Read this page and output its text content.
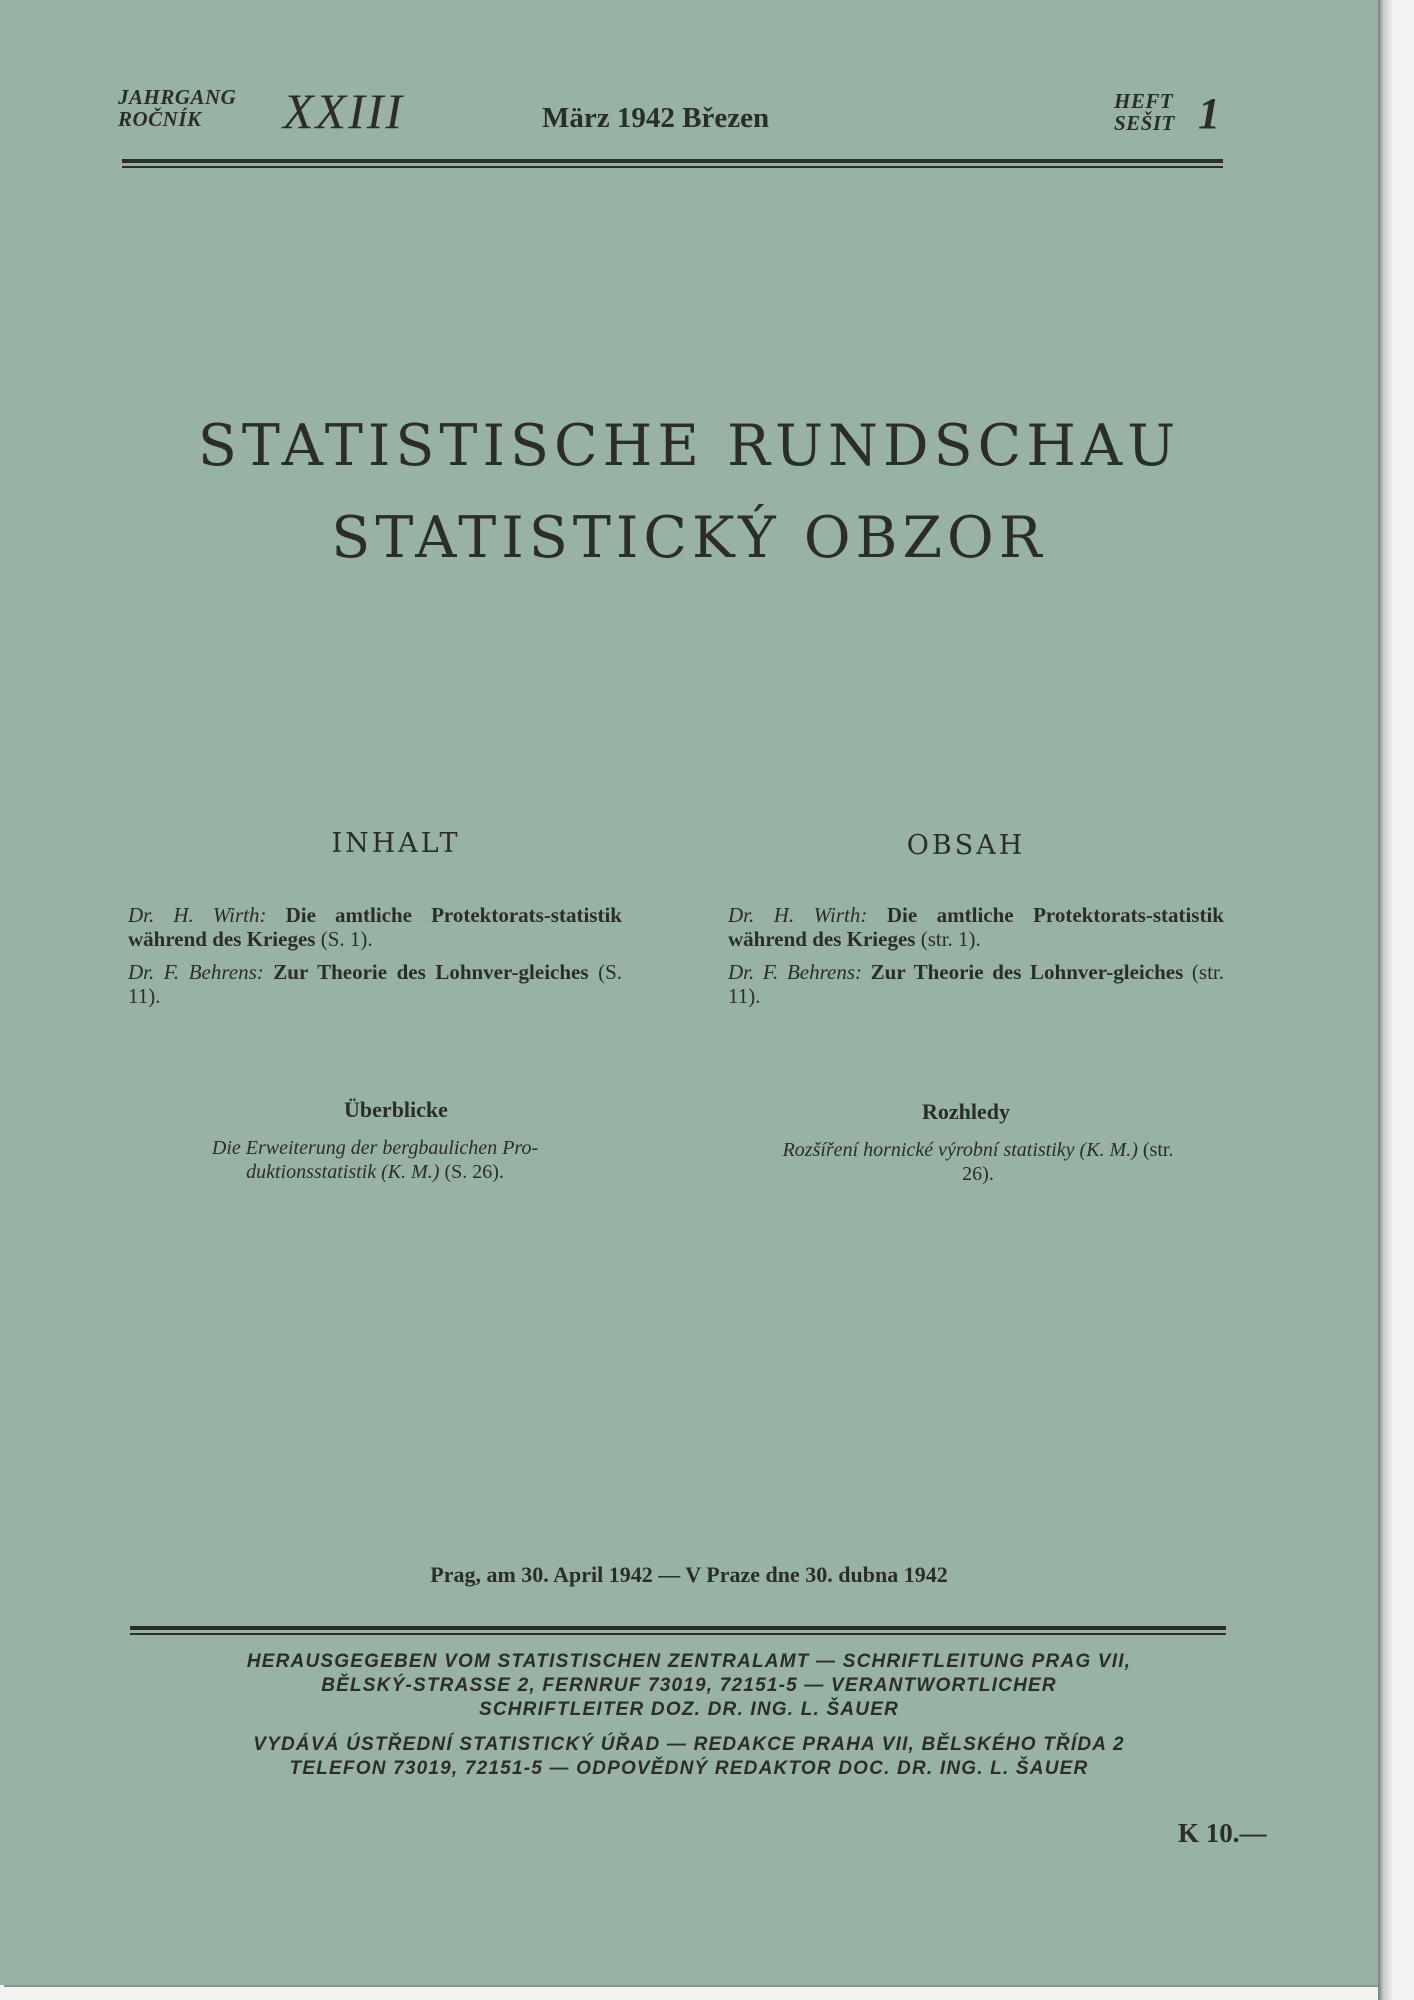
JAHRGANG
ROČNÍK	XXIII	März 1942 Březen
HEFT
SEŠIT 1
STATISTISCHE RUNDSCHAU
STATISTICKÝ OBZOR
INHALT

Dr. H. Wirth: Die amtliche Protektorats-statistik während des Krieges (S. 1).

Dr. F. Behrens: Zur Theorie des Lohnver-gleiches (S. 11).

Überblicke
Die Erweiterung der bergbaulichen Pro-duktionsstatistik (K. M.) (S. 26).
OBSAH

Dr. H. Wirth: Die amtliche Protektorats-statistik während des Krieges (str. 1).

Dr. F. Behrens: Zur Theorie des Lohnver-gleiches (str. 11).

Rozhledy
Rozšíření hornické výrobní statistiky (K. M.) (str. 26).
Prag, am 30. April 1942 — V Praze dne 30. dubna 1942
HERAUSGEGEBEN VOM STATISTISCHEN ZENTRALAMT — SCHRIFTLEITUNG PRAG VII,
BĚLSKÝ-STRASSE 2, FERNRUF 73019, 72151-5 — VERANTWORTLICHER
SCHRIFTLEITER DOZ. DR. ING. L. ŠAUER
VYDÁVÁ ÚSTŘEDNÍ STATISTICKÝ ÚŘAD — REDAKCE PRAHA VII, BĚLSKÉHO TŘÍDA 2
TELEFON 73019, 72151-5 — ODPOVĚDNÝ REDAKTOR DOC. DR. ING. L. ŠAUER
K 10.—
